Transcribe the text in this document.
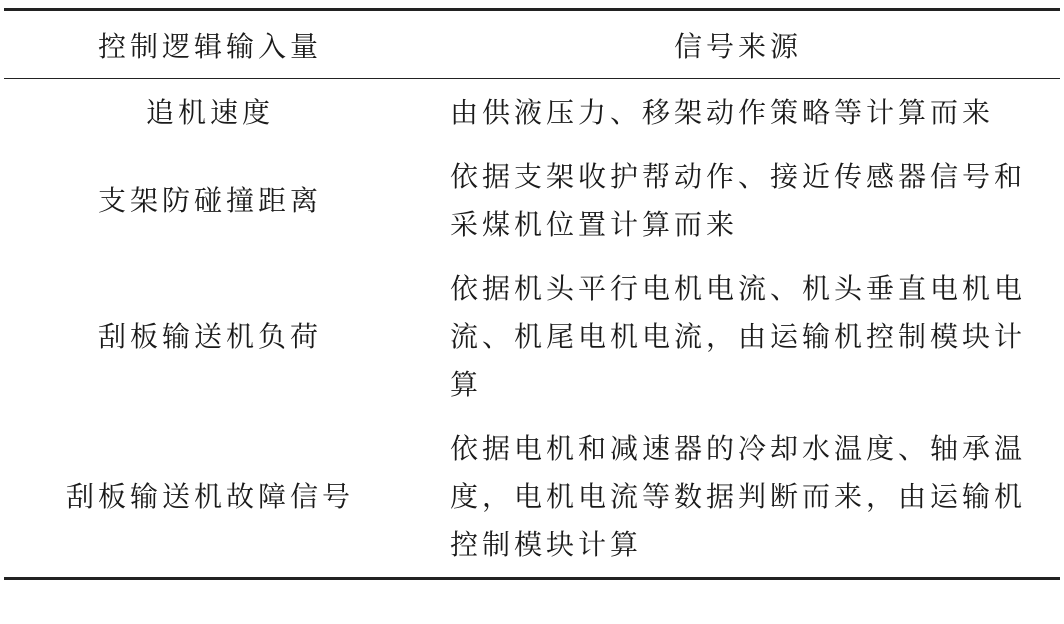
控制逻辑输入量	信号来源
追机速度	由供液压力、移架动作策略等计算而来
支架防碰撞距离	依据支架收护帮动作、接近传感器信号和采煤机位置计算而来
刮板输送机负荷	依据机头平行电机电流、机头垂直电机电流、机尾电机电流，由运输机控制模块计算
刮板输送机故障信号	依据电机和减速器的冷却水温度、轴承温度，电机电流等数据判断而来，由运输机控制模块计算
